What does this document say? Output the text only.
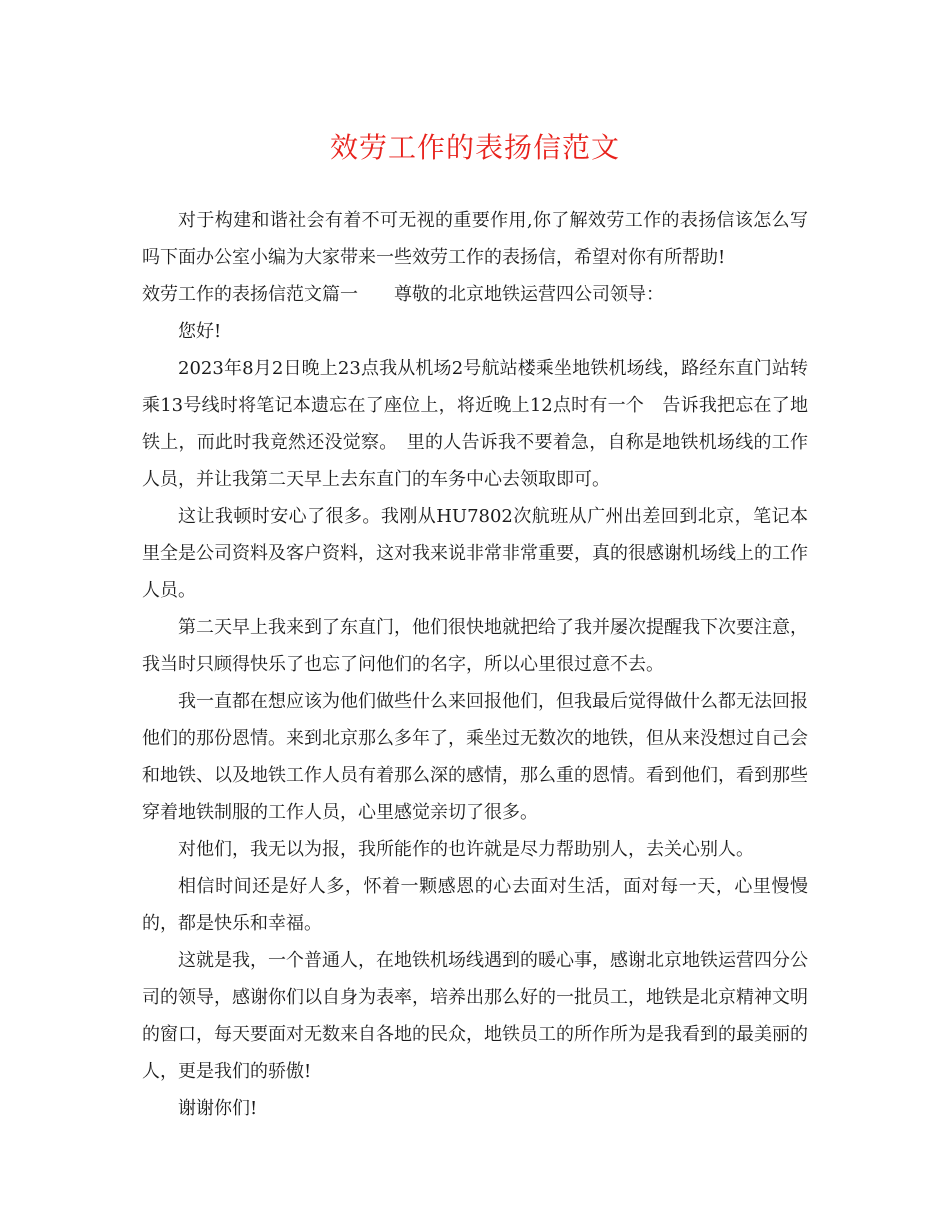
效劳工作的表扬信范文

对于构建和谐社会有着不可无视的重要作用,你了解效劳工作的表扬信该怎么写吗下面办公室小编为大家带来一些效劳工作的表扬信，希望对你有所帮助!

效劳工作的表扬信范文篇一　　尊敬的北京地铁运营四公司领导：

您好!

2023年8月2日晚上23点我从机场2号航站楼乘坐地铁机场线，路经东直门站转乘13号线时将笔记本遗忘在了座位上，将近晚上12点时有一个　告诉我把忘在了地铁上，而此时我竟然还没觉察。　里的人告诉我不要着急，自称是地铁机场线的工作人员，并让我第二天早上去东直门的车务中心去领取即可。

这让我顿时安心了很多。我刚从HU7802次航班从广州出差回到北京，笔记本里全是公司资料及客户资料，这对我来说非常非常重要，真的很感谢机场线上的工作人员。

第二天早上我来到了东直门，他们很快地就把给了我并屡次提醒我下次要注意，我当时只顾得快乐了也忘了问他们的名字，所以心里很过意不去。

我一直都在想应该为他们做些什么来回报他们，但我最后觉得做什么都无法回报他们的那份恩情。来到北京那么多年了，乘坐过无数次的地铁，但从来没想过自己会和地铁、以及地铁工作人员有着那么深的感情，那么重的恩情。看到他们，看到那些穿着地铁制服的工作人员，心里感觉亲切了很多。

对他们，我无以为报，我所能作的也许就是尽力帮助别人，去关心别人。

相信时间还是好人多，怀着一颗感恩的心去面对生活，面对每一天，心里慢慢的，都是快乐和幸福。

这就是我，一个普通人，在地铁机场线遇到的暖心事，感谢北京地铁运营四分公司的领导，感谢你们以自身为表率，培养出那么好的一批员工，地铁是北京精神文明的窗口，每天要面对无数来自各地的民众，地铁员工的所作所为是我看到的最美丽的人，更是我们的骄傲!

谢谢你们!
